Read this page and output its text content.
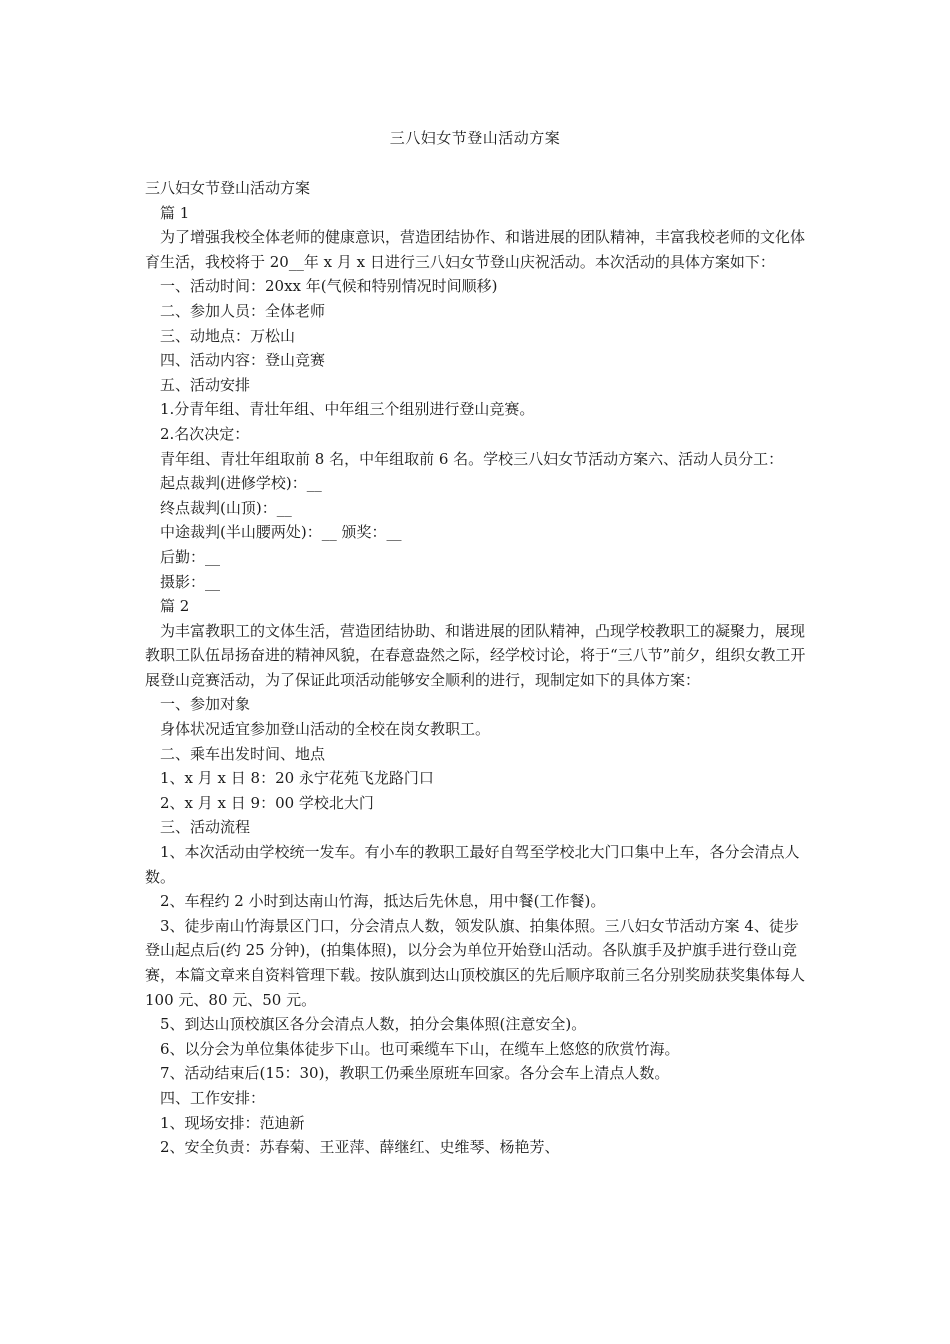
三八妇女节登山活动方案
三八妇女节登山活动方案
篇 1
为了增强我校全体老师的健康意识，营造团结协作、和谐进展的团队精神，丰富我校老师的文化体育生活，我校将于 20__年 x 月 x 日进行三八妇女节登山庆祝活动。本次活动的具体方案如下：
一、活动时间：20xx 年(气候和特别情况时间顺移)
二、参加人员：全体老师
三、动地点：万松山
四、活动内容：登山竞赛
五、活动安排
1.分青年组、青壮年组、中年组三个组别进行登山竞赛。
2.名次决定：
青年组、青壮年组取前 8 名，中年组取前 6 名。学校三八妇女节活动方案六、活动人员分工：
起点裁判(进修学校)：__
终点裁判(山顶)：__
中途裁判(半山腰两处)：__ 颁奖：__
后勤：__
摄影：__
篇 2
为丰富教职工的文体生活，营造团结协助、和谐进展的团队精神，凸现学校教职工的凝聚力，展现教职工队伍昂扬奋进的精神风貌，在春意盎然之际，经学校讨论，将于“三八节”前夕，组织女教工开展登山竞赛活动，为了保证此项活动能够安全顺利的进行，现制定如下的具体方案：
一、参加对象
身体状况适宜参加登山活动的全校在岗女教职工。
二、乘车出发时间、地点
1、x 月 x 日 8：20 永宁花苑飞龙路门口
2、x 月 x 日 9：00 学校北大门
三、活动流程
1、本次活动由学校统一发车。有小车的教职工最好自驾至学校北大门口集中上车，各分会清点人数。
2、车程约 2 小时到达南山竹海，抵达后先休息，用中餐(工作餐)。
3、徒步南山竹海景区门口，分会清点人数，领发队旗、拍集体照。三八妇女节活动方案 4、徒步登山起点后(约 25 分钟)，(拍集体照)，以分会为单位开始登山活动。各队旗手及护旗手进行登山竞赛，本篇文章来自资料管理下载。按队旗到达山顶校旗区的先后顺序取前三名分别奖励获奖集体每人 100 元、80 元、50 元。
5、到达山顶校旗区各分会清点人数，拍分会集体照(注意安全)。
6、以分会为单位集体徒步下山。也可乘缆车下山，在缆车上悠悠的欣赏竹海。
7、活动结束后(15：30)，教职工仍乘坐原班车回家。各分会车上清点人数。
四、工作安排：
1、现场安排：范迪新
2、安全负责：苏春菊、王亚萍、薛继红、史维琴、杨艳芳、
